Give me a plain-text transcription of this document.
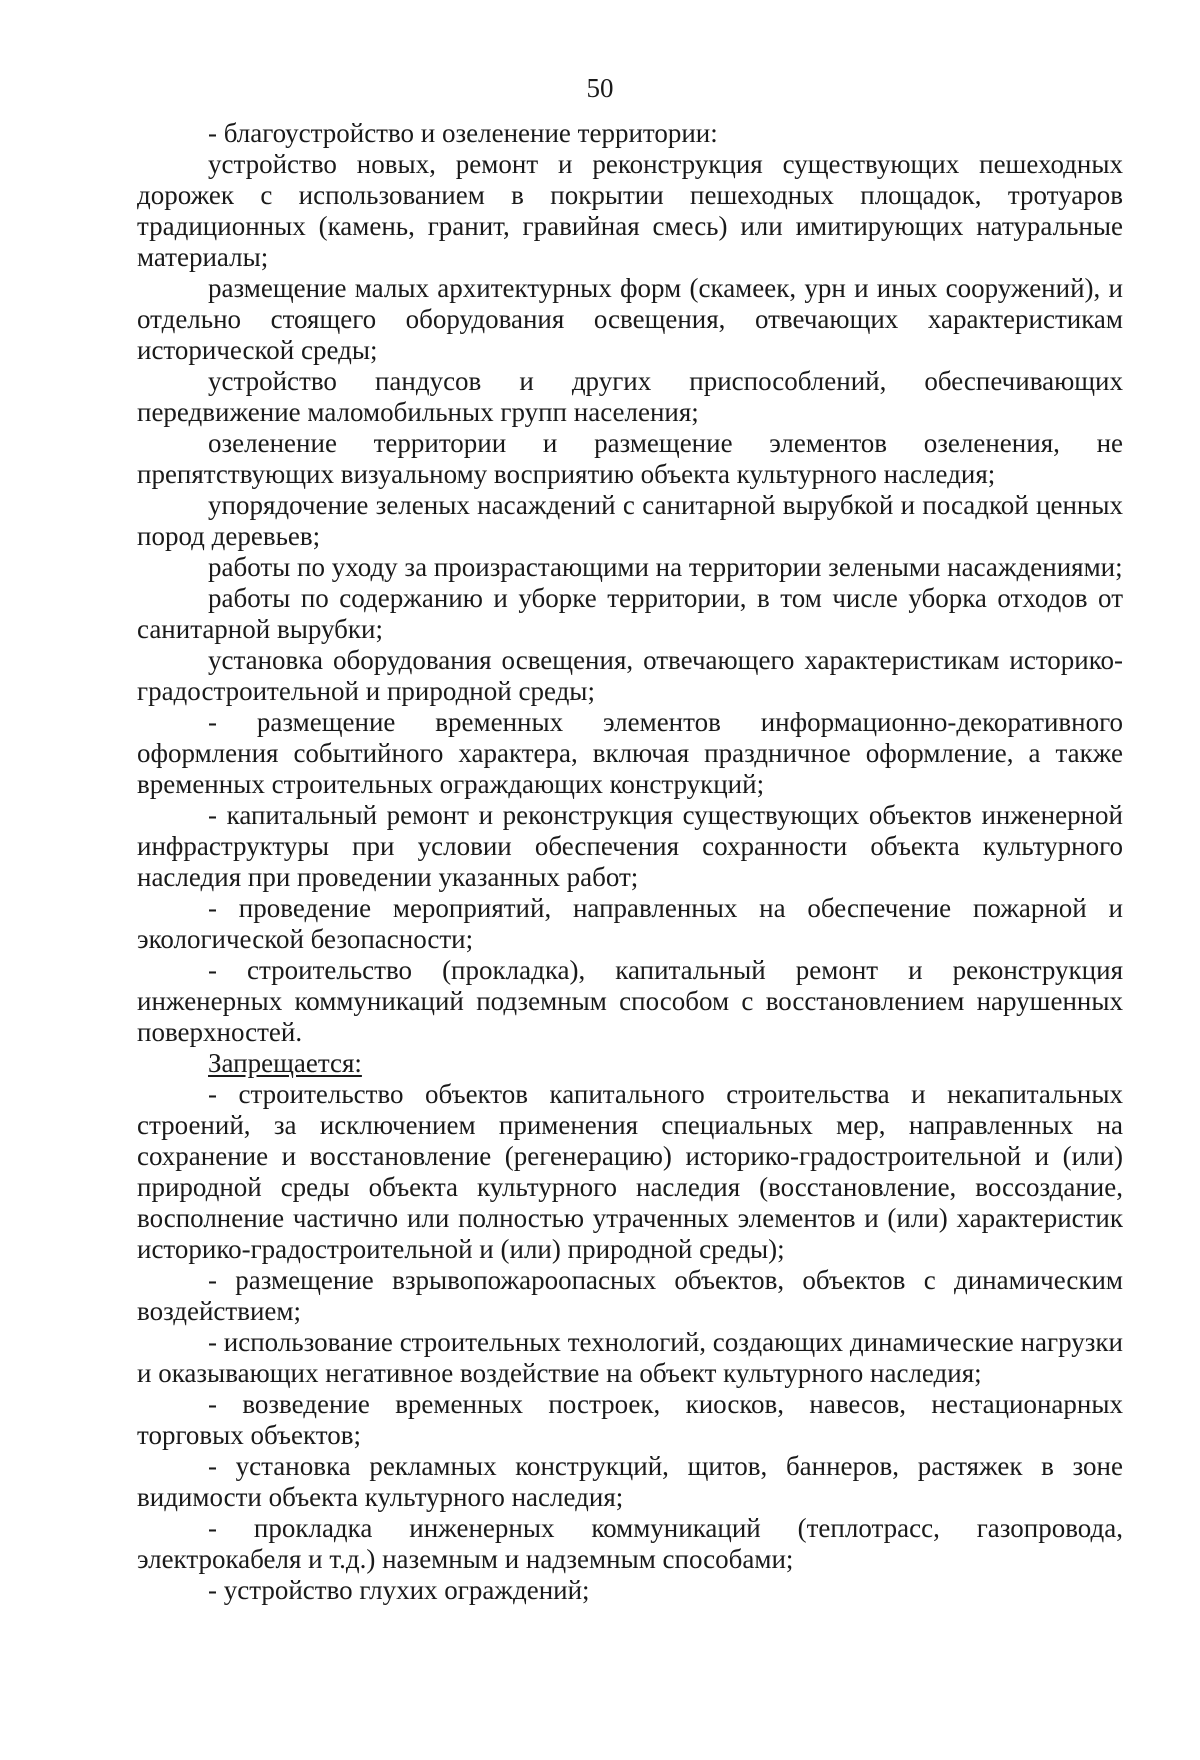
50

- благоустройство и озеленение территории:

устройство новых, ремонт и реконструкция существующих пешеходных дорожек с использованием в покрытии пешеходных площадок, тротуаров традиционных (камень, гранит, гравийная смесь) или имитирующих натуральные материалы;

размещение малых архитектурных форм (скамеек, урн и иных сооружений), и отдельно стоящего оборудования освещения, отвечающих характеристикам исторической среды;

устройство пандусов и других приспособлений, обеспечивающих передвижение маломобильных групп населения;

озеленение территории и размещение элементов озеленения, не препятствующих визуальному восприятию объекта культурного наследия;

упорядочение зеленых насаждений с санитарной вырубкой и посадкой ценных пород деревьев;

работы по уходу за произрастающими на территории зелеными насаждениями;

работы по содержанию и уборке территории, в том числе уборка отходов от санитарной вырубки;

установка оборудования освещения, отвечающего характеристикам историко-градостроительной и природной среды;

- размещение временных элементов информационно-декоративного оформления событийного характера, включая праздничное оформление, а также временных строительных ограждающих конструкций;

- капитальный ремонт и реконструкция существующих объектов инженерной инфраструктуры при условии обеспечения сохранности объекта культурного наследия при проведении указанных работ;

- проведение мероприятий, направленных на обеспечение пожарной и экологической безопасности;

- строительство (прокладка), капитальный ремонт и реконструкция инженерных коммуникаций подземным способом с восстановлением нарушенных поверхностей.

Запрещается:

- строительство объектов капитального строительства и некапитальных строений, за исключением применения специальных мер, направленных на сохранение и восстановление (регенерацию) историко-градостроительной и (или) природной среды объекта культурного наследия (восстановление, воссоздание, восполнение частично или полностью утраченных элементов и (или) характеристик историко-градостроительной и (или) природной среды);

- размещение взрывопожароопасных объектов, объектов с динамическим воздействием;

- использование строительных технологий, создающих динамические нагрузки и оказывающих негативное воздействие на объект культурного наследия;

- возведение временных построек, киосков, навесов, нестационарных торговых объектов;

- установка рекламных конструкций, щитов, баннеров, растяжек в зоне видимости объекта культурного наследия;

- прокладка инженерных коммуникаций (теплотрасс, газопровода, электрокабеля и т.д.) наземным и надземным способами;

- устройство глухих ограждений;
